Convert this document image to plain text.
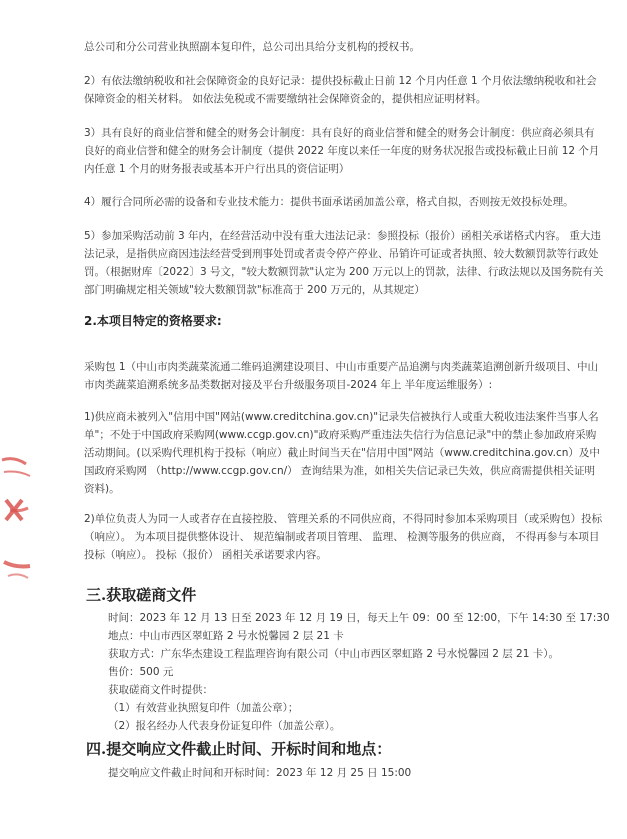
总公司和分公司营业执照副本复印件，总公司出具给分支机构的授权书。

2）有依法缴纳税收和社会保障资金的良好记录：提供投标截止日前 12 个月内任意 1 个月依法缴纳税收和社会保障资金的相关材料。 如依法免税或不需要缴纳社会保障资金的，提供相应证明材料。

3）具有良好的商业信誉和健全的财务会计制度：具有良好的商业信誉和健全的财务会计制度：供应商必须具有良好的商业信誉和健全的财务会计制度（提供 2022 年度以来任一年度的财务状况报告或投标截止日前 12 个月内任意 1 个月的财务报表或基本开户行出具的资信证明）

4）履行合同所必需的设备和专业技术能力：提供书面承诺函加盖公章，格式自拟，否则按无效投标处理。

5）参加采购活动前 3 年内，在经营活动中没有重大违法记录：参照投标（报价）函相关承诺格式内容。 重大违法记录，是指供应商因违法经营受到刑事处罚或者责令停产停业、吊销许可证或者执照、较大数额罚款等行政处罚。（根据财库〔2022〕3 号文，"较大数额罚款"认定为 200 万元以上的罚款，法律、行政法规以及国务院有关部门明确规定相关领域"较大数额罚款"标准高于 200 万元的，从其规定）

2.本项目特定的资格要求:

采购包 1（中山市肉类蔬菜流通二维码追溯建设项目、中山市重要产品追溯与肉类蔬菜追溯创新升级项目、中山市肉类蔬菜追溯系统多品类数据对接及平台升级服务项目-2024 年上 半年度运维服务）:

1)供应商未被列入"信用中国"网站(www.creditchina.gov.cn)"记录失信被执行人或重大税收违法案件当事人名单"；不处于中国政府采购网(www.ccgp.gov.cn)"政府采购严重违法失信行为信息记录"中的禁止参加政府采购活动期间。(以采购代理机构于投标（响应）截止时间当天在"信用中国"网站（www.creditchina.gov.cn）及中国政府采购网 （http://www.ccgp.gov.cn/） 查询结果为准，如相关失信记录已失效，供应商需提供相关证明资料)。

2)单位负责人为同一人或者存在直接控股、 管理关系的不同供应商，不得同时参加本采购项目（或采购包）投标（响应）。 为本项目提供整体设计、 规范编制或者项目管理、 监理、 检测等服务的供应商， 不得再参与本项目投标（响应）。 投标（报价） 函相关承诺要求内容。

三.获取磋商文件
时间：2023 年 12 月 13 日至 2023 年 12 月 19 日，每天上午 09：00 至 12:00，下午 14:30 至 17:30
地点：中山市西区翠虹路 2 号水悦馨园 2 层 21 卡
获取方式：广东华杰建设工程监理咨询有限公司（中山市西区翠虹路 2 号水悦馨园 2 层 21 卡）。
售价：500 元
获取磋商文件时提供：
（1）有效营业执照复印件（加盖公章）；
（2）报名经办人代表身份证复印件（加盖公章）。
四.提交响应文件截止时间、开标时间和地点：
提交响应文件截止时间和开标时间：2023 年 12 月 25 日 15:00
